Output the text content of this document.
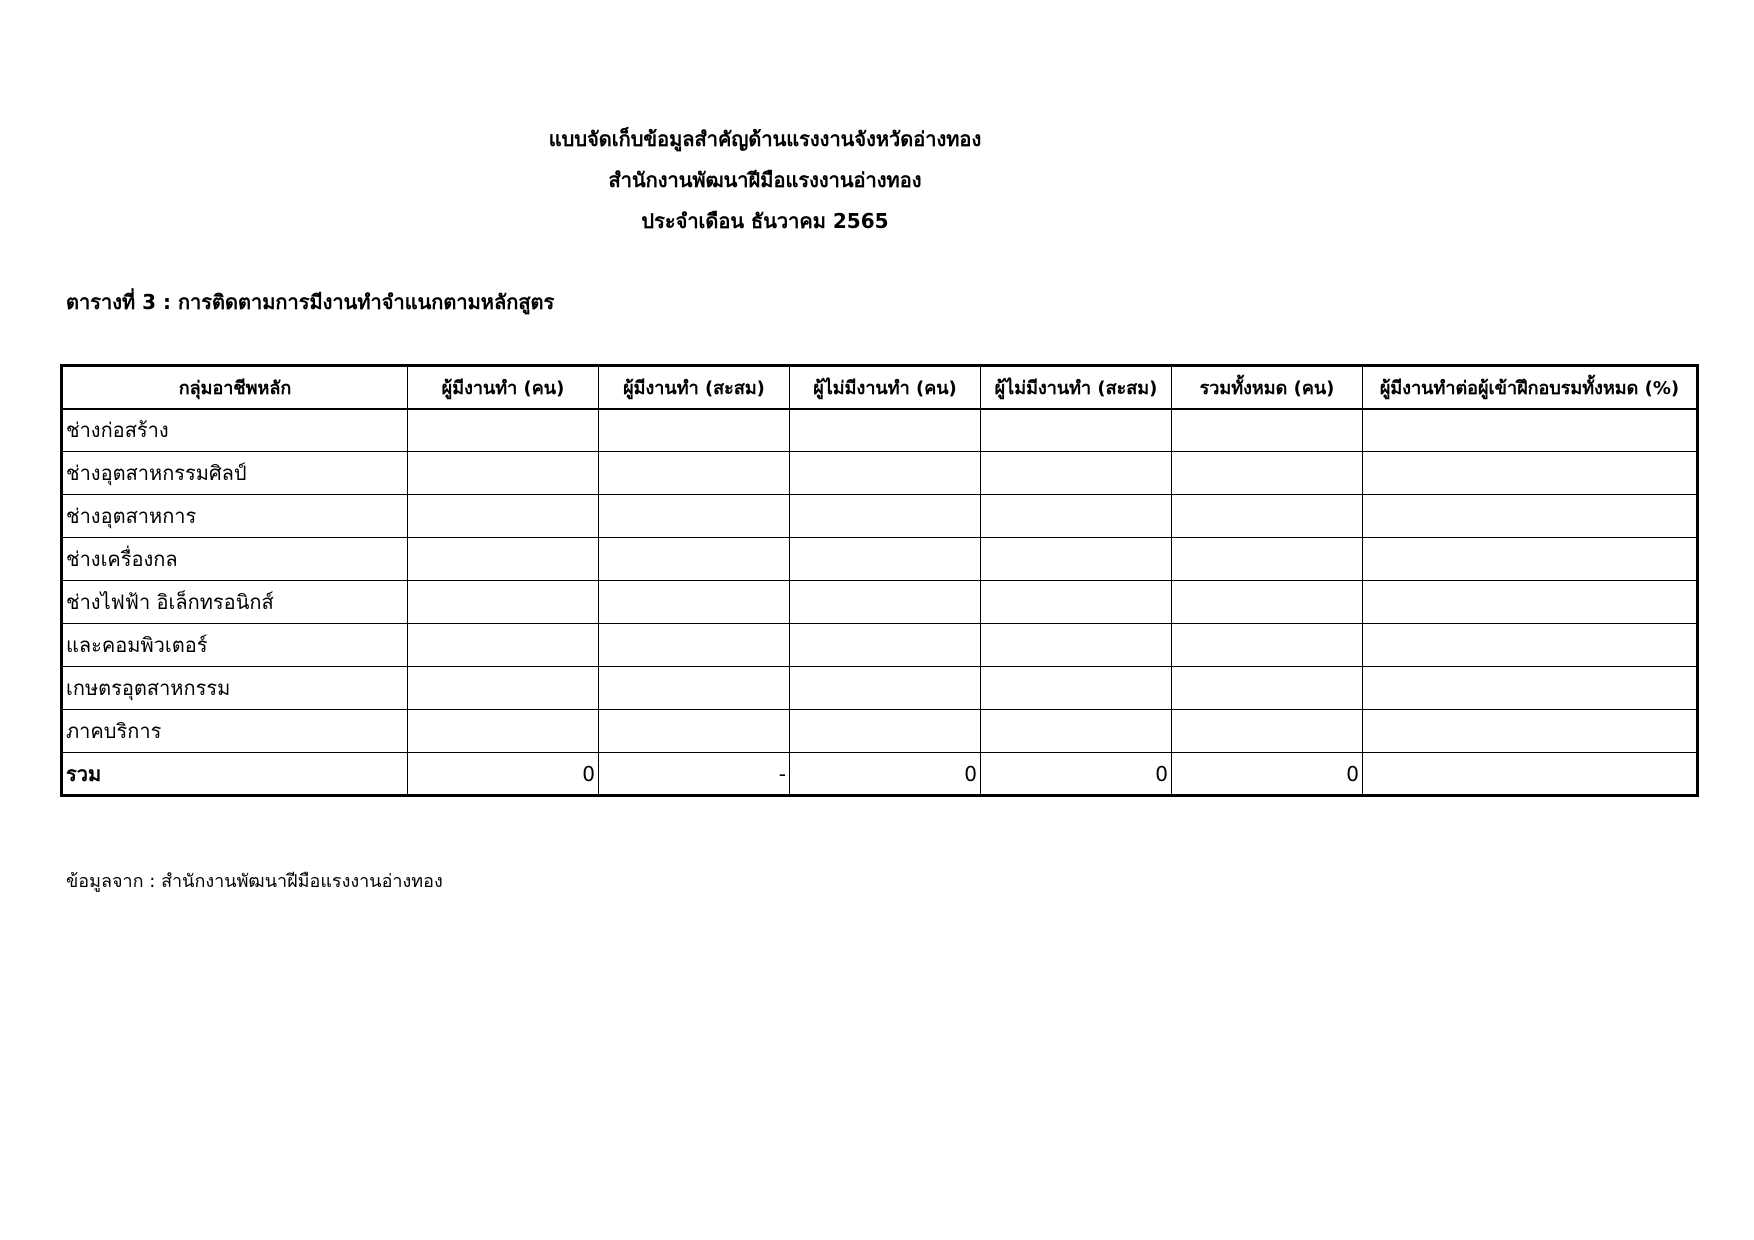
แบบจัดเก็บข้อมูลสำคัญด้านแรงงานจังหวัดอ่างทอง
สำนักงานพัฒนาฝีมือแรงงานอ่างทอง
ประจำเดือน ธันวาคม 2565
ตารางที่ 3 : การติดตามการมีงานทำจำแนกตามหลักสูตร
กลุ่มอาชีพหลัก	ผู้มีงานทำ (คน)	ผู้มีงานทำ (สะสม)	ผู้ไม่มีงานทำ (คน)	ผู้ไม่มีงานทำ (สะสม)	รวมทั้งหมด (คน)	ผู้มีงานทำต่อผู้เข้าฝึกอบรมทั้งหมด (%)
ช่างก่อสร้าง						
ช่างอุตสาหกรรมศิลป์						
ช่างอุตสาหการ						
ช่างเครื่องกล						
ช่างไฟฟ้า อิเล็กทรอนิกส์						
และคอมพิวเตอร์						
เกษตรอุตสาหกรรม						
ภาคบริการ						
รวม	0	-	0	0	0	
ข้อมูลจาก : สำนักงานพัฒนาฝีมือแรงงานอ่างทอง
